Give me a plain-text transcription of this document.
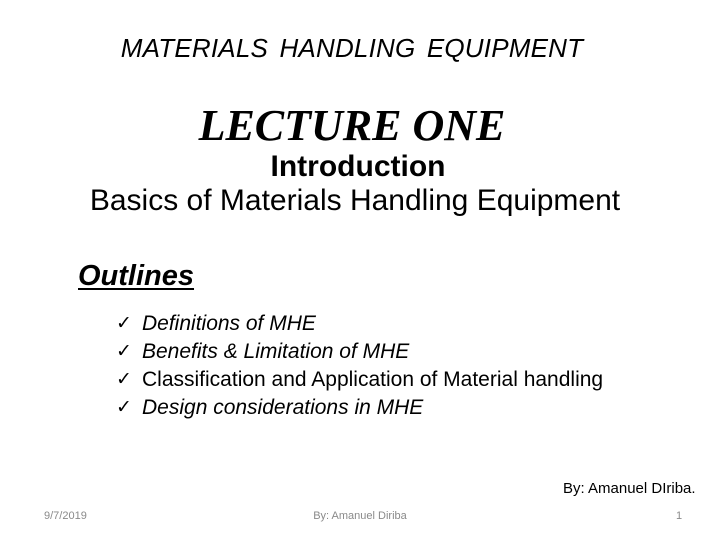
MATERIALS HANDLING EQUIPMENT
LECTURE ONE
Introduction
Basics of Materials Handling Equipment
Outlines
✓ Definitions of MHE
✓ Benefits & Limitation of MHE
✓ Classification and Application of Material handling
✓ Design considerations in MHE
By: Amanuel DIriba.
9/7/2019	By: Amanuel Diriba	1
